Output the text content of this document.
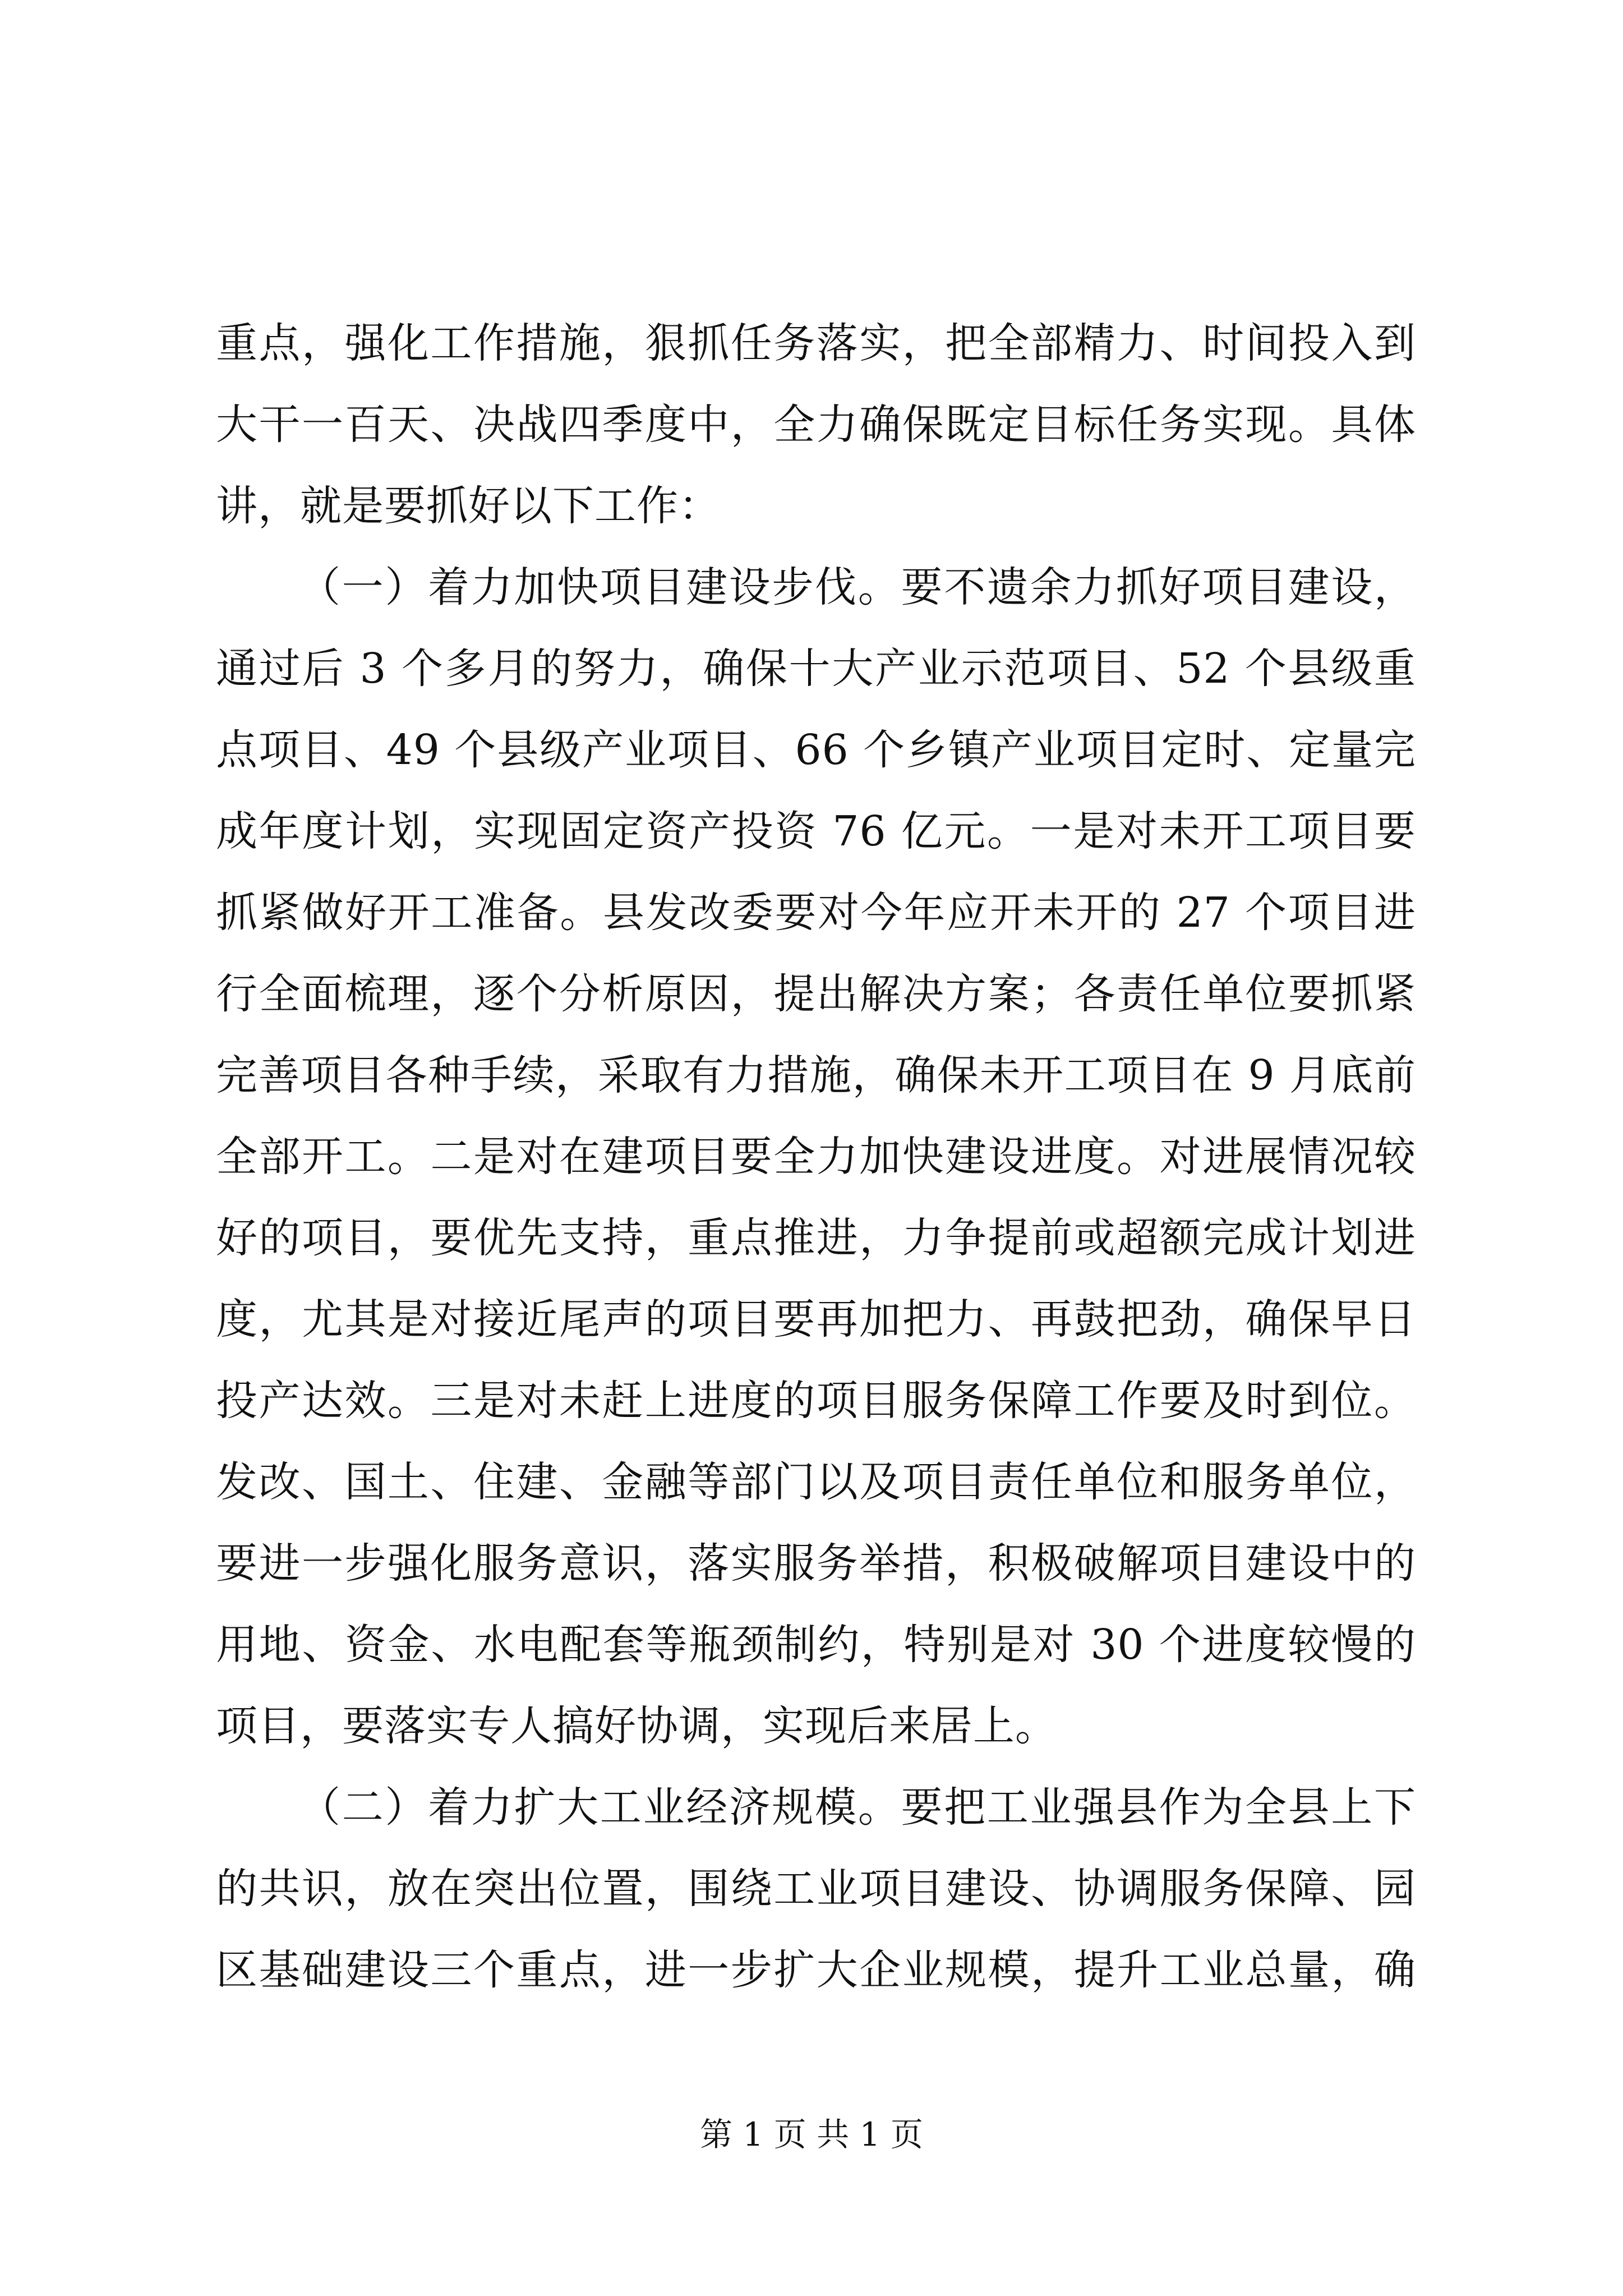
重点，强化工作措施，狠抓任务落实，把全部精力、时间投入到
大干一百天、决战四季度中，全力确保既定目标任务实现。具体
讲，就是要抓好以下工作：
（一）着力加快项目建设步伐。要不遗余力抓好项目建设，
通过后 3 个多月的努力，确保十大产业示范项目、52 个县级重
点项目、49 个县级产业项目、66 个乡镇产业项目定时、定量完
成年度计划，实现固定资产投资 76 亿元。一是对未开工项目要
抓紧做好开工准备。县发改委要对今年应开未开的 27 个项目进
行全面梳理，逐个分析原因，提出解决方案；各责任单位要抓紧
完善项目各种手续，采取有力措施，确保未开工项目在 9 月底前
全部开工。二是对在建项目要全力加快建设进度。对进展情况较
好的项目，要优先支持，重点推进，力争提前或超额完成计划进
度，尤其是对接近尾声的项目要再加把力、再鼓把劲，确保早日
投产达效。三是对未赶上进度的项目服务保障工作要及时到位。
发改、国土、住建、金融等部门以及项目责任单位和服务单位，
要进一步强化服务意识，落实服务举措，积极破解项目建设中的
用地、资金、水电配套等瓶颈制约，特别是对 30 个进度较慢的
项目，要落实专人搞好协调，实现后来居上。
（二）着力扩大工业经济规模。要把工业强县作为全县上下
的共识，放在突出位置，围绕工业项目建设、协调服务保障、园
区基础建设三个重点，进一步扩大企业规模，提升工业总量，确
第 1 页 共 1 页
